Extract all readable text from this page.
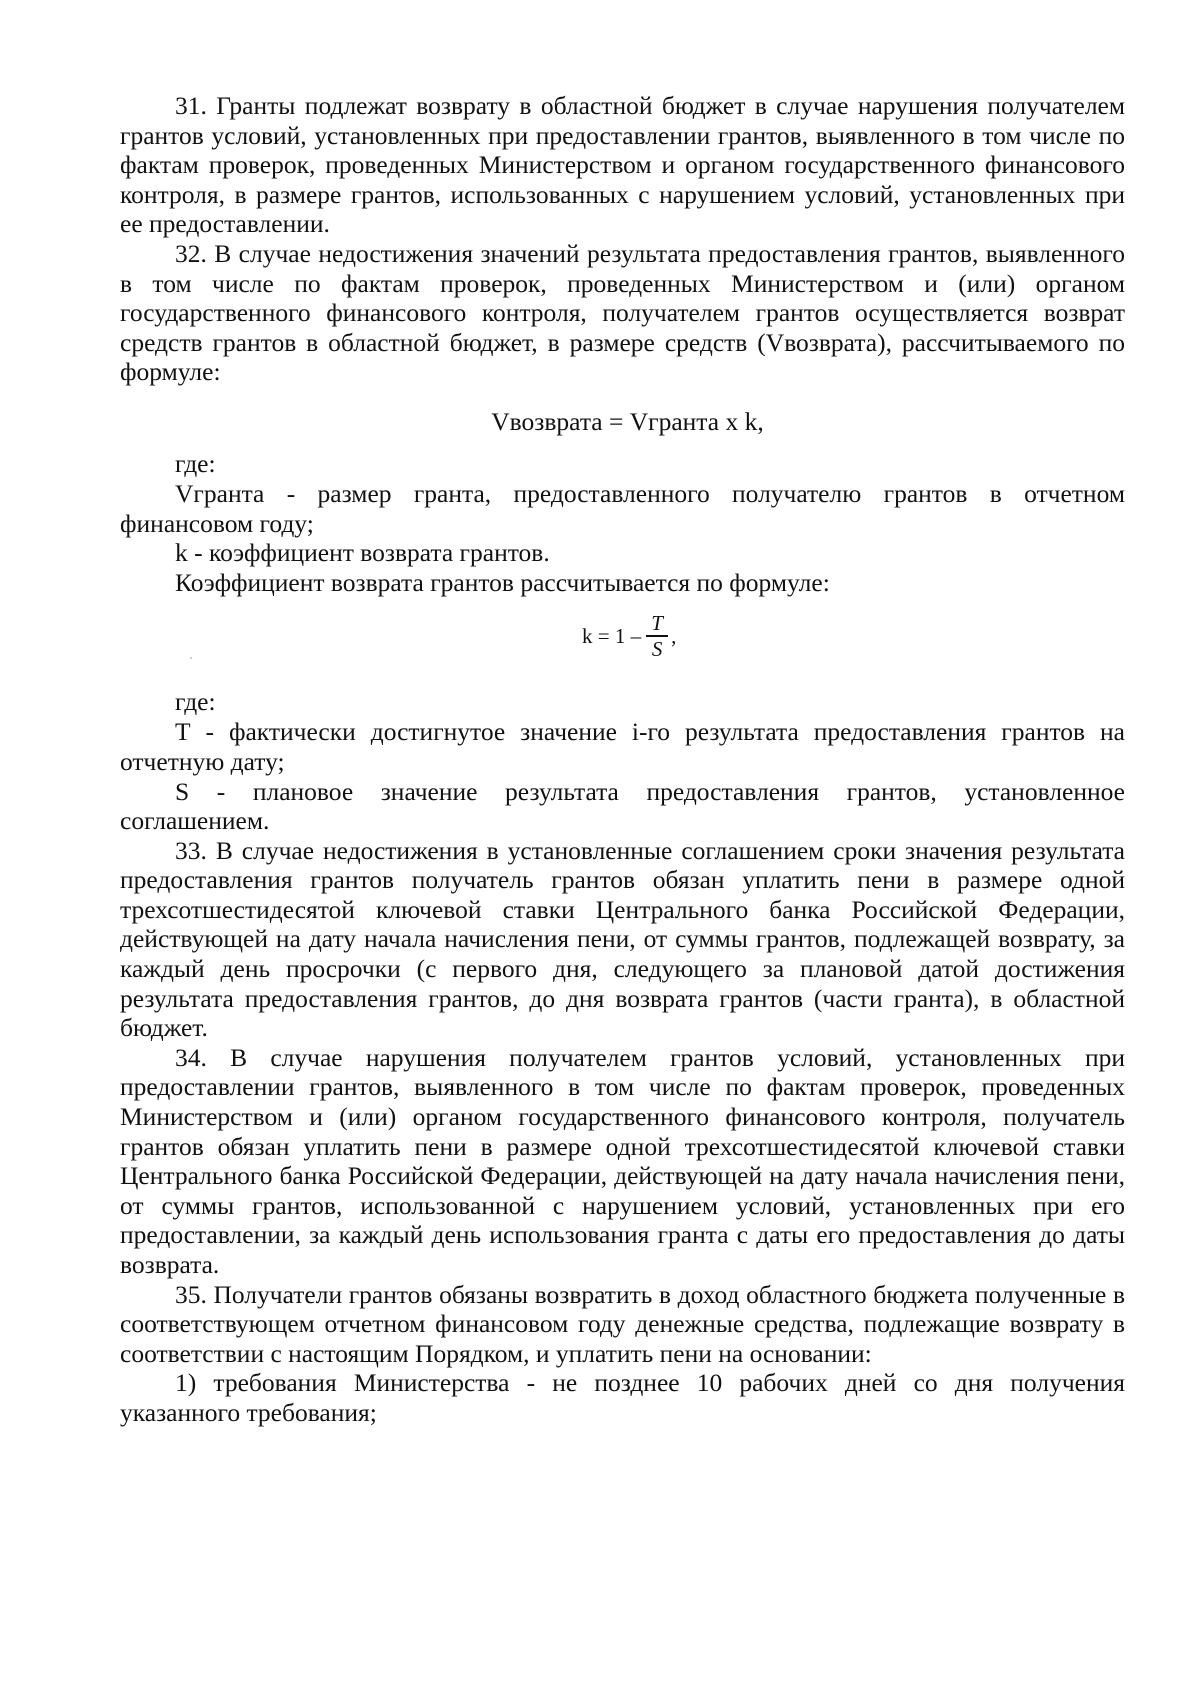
31. Гранты подлежат возврату в областной бюджет в случае нарушения получателем грантов условий, установленных при предоставлении грантов, выявленного в том числе по фактам проверок, проведенных Министерством и органом государственного финансового контроля, в размере грантов, использованных с нарушением условий, установленных при ее предоставлении.

32. В случае недостижения значений результата предоставления грантов, выявленного в том числе по фактам проверок, проведенных Министерством и (или) органом государственного финансового контроля, получателем грантов осуществляется возврат средств грантов в областной бюджет, в размере средств (Vвозврата), рассчитываемого по формуле:

Vвозврата = Vгранта x k,

где:

Vгранта - размер гранта, предоставленного получателю грантов в отчетном финансовом году;

k - коэффициент возврата грантов.

Коэффициент возврата грантов рассчитывается по формуле:

$k = 1 - \frac{T}{S}$ ,

где:

Т - фактически достигнутое значение i-го результата предоставления грантов на отчетную дату;

S - плановое значение результата предоставления грантов, установленное соглашением.

33. В случае недостижения в установленные соглашением сроки значения результата предоставления грантов получатель грантов обязан уплатить пени в размере одной трехсотшестидесятой ключевой ставки Центрального банка Российской Федерации, действующей на дату начала начисления пени, от суммы грантов, подлежащей возврату, за каждый день просрочки (с первого дня, следующего за плановой датой достижения результата предоставления грантов, до дня возврата грантов (части гранта), в областной бюджет.

34. В случае нарушения получателем грантов условий, установленных при предоставлении грантов, выявленного в том числе по фактам проверок, проведенных Министерством и (или) органом государственного финансового контроля, получатель грантов обязан уплатить пени в размере одной трехсотшестидесятой ключевой ставки Центрального банка Российской Федерации, действующей на дату начала начисления пени, от суммы грантов, использованной с нарушением условий, установленных при его предоставлении, за каждый день использования гранта с даты его предоставления до даты возврата.

35. Получатели грантов обязаны возвратить в доход областного бюджета полученные в соответствующем отчетном финансовом году денежные средства, подлежащие возврату в соответствии с настоящим Порядком, и уплатить пени на основании:

1) требования Министерства - не позднее 10 рабочих дней со дня получения указанного требования;
